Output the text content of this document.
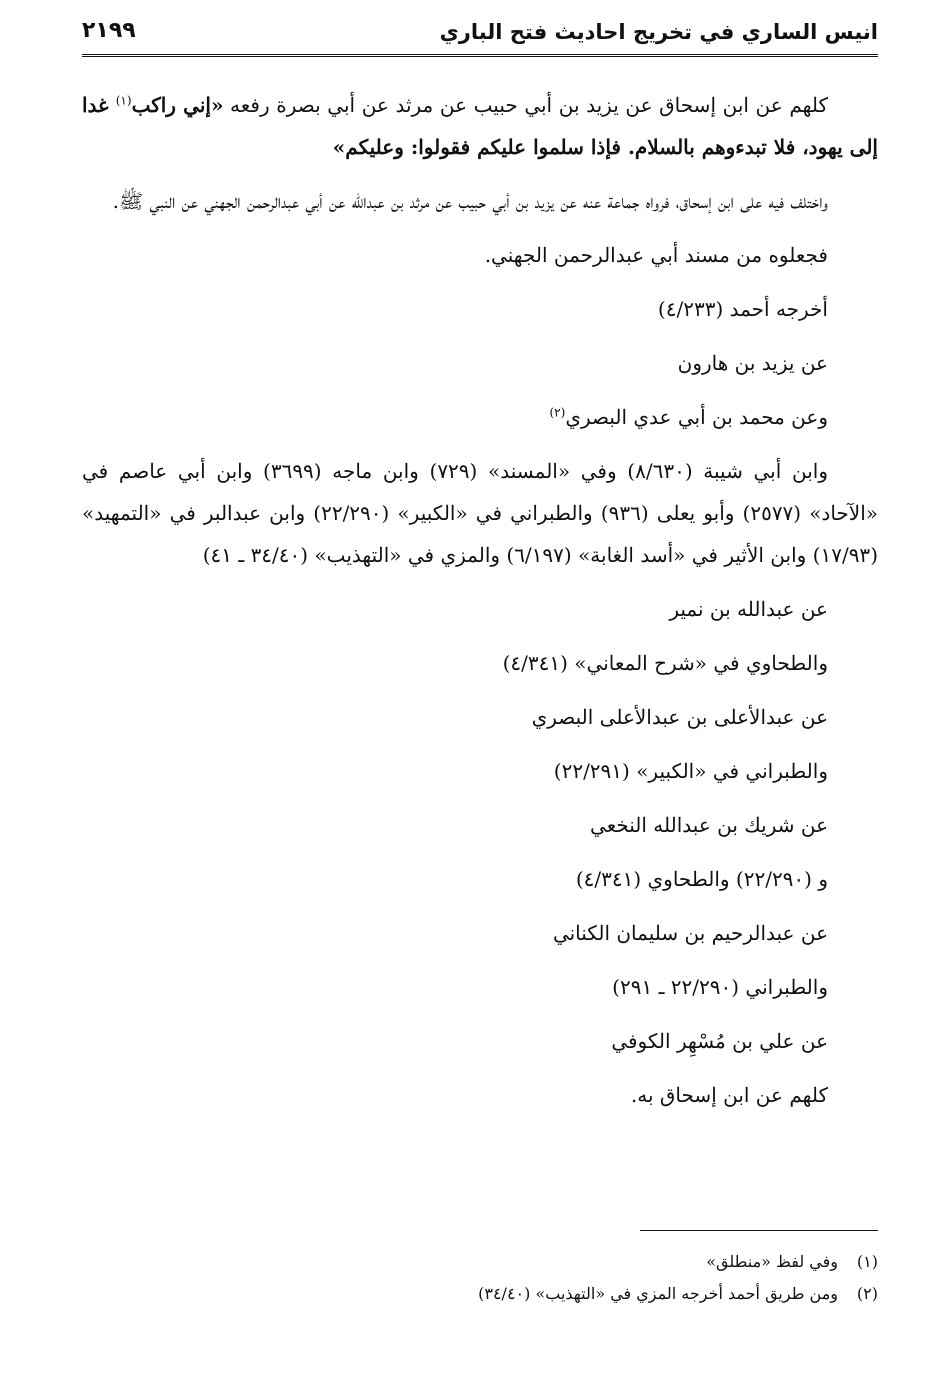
انيس الساري في تخريج احاديث فتح الباري
٢١٩٩

كلهم عن ابن إسحاق عن يزيد بن أبي حبيب عن مرثد عن أبي بصرة رفعه «إني راكب$^{(١)}$ غدا إلى يهود، فلا تبدءوهم بالسلام. فإذا سلموا عليكم فقولوا: وعليكم»

واختلف فيه على ابن إسحاق، فرواه جماعة عنه عن يزيد بن أبي حبيب عن مرثد بن عبدالله عن أبي عبدالرحمن الجهني عن النبي ﷺ.

فجعلوه من مسند أبي عبدالرحمن الجهني.

أخرجه أحمد (٤/٢٣٣)

عن يزيد بن هارون

وعن محمد بن أبي عدي البصري$^{(٢)}$

وابن أبي شيبة (٨/٦٣٠) وفي «المسند» (٧٢٩) وابن ماجه (٣٦٩٩) وابن أبي عاصم في «الآحاد» (٢٥٧٧) وأبو يعلى (٩٣٦) والطبراني في «الكبير» (٢٢/٢٩٠) وابن عبدالبر في «التمهيد» (١٧/٩٣) وابن الأثير في «أسد الغابة» (٦/١٩٧) والمزي في «التهذيب» (٣٤/٤٠ ـ ٤١)

عن عبدالله بن نمير

والطحاوي في «شرح المعاني» (٤/٣٤١)

عن عبدالأعلى بن عبدالأعلى البصري

والطبراني في «الكبير» (٢٢/٢٩١)

عن شريك بن عبدالله النخعي

و (٢٢/٢٩٠) والطحاوي (٤/٣٤١)

عن عبدالرحيم بن سليمان الكناني

والطبراني (٢٢/٢٩٠ ـ ٢٩١)

عن علي بن مُسْهِر الكوفي

كلهم عن ابن إسحاق به.

(١)
وفي لفظ «منطلق»

(٢)
ومن طريق أحمد أخرجه المزي في «التهذيب» (٣٤/٤٠)
